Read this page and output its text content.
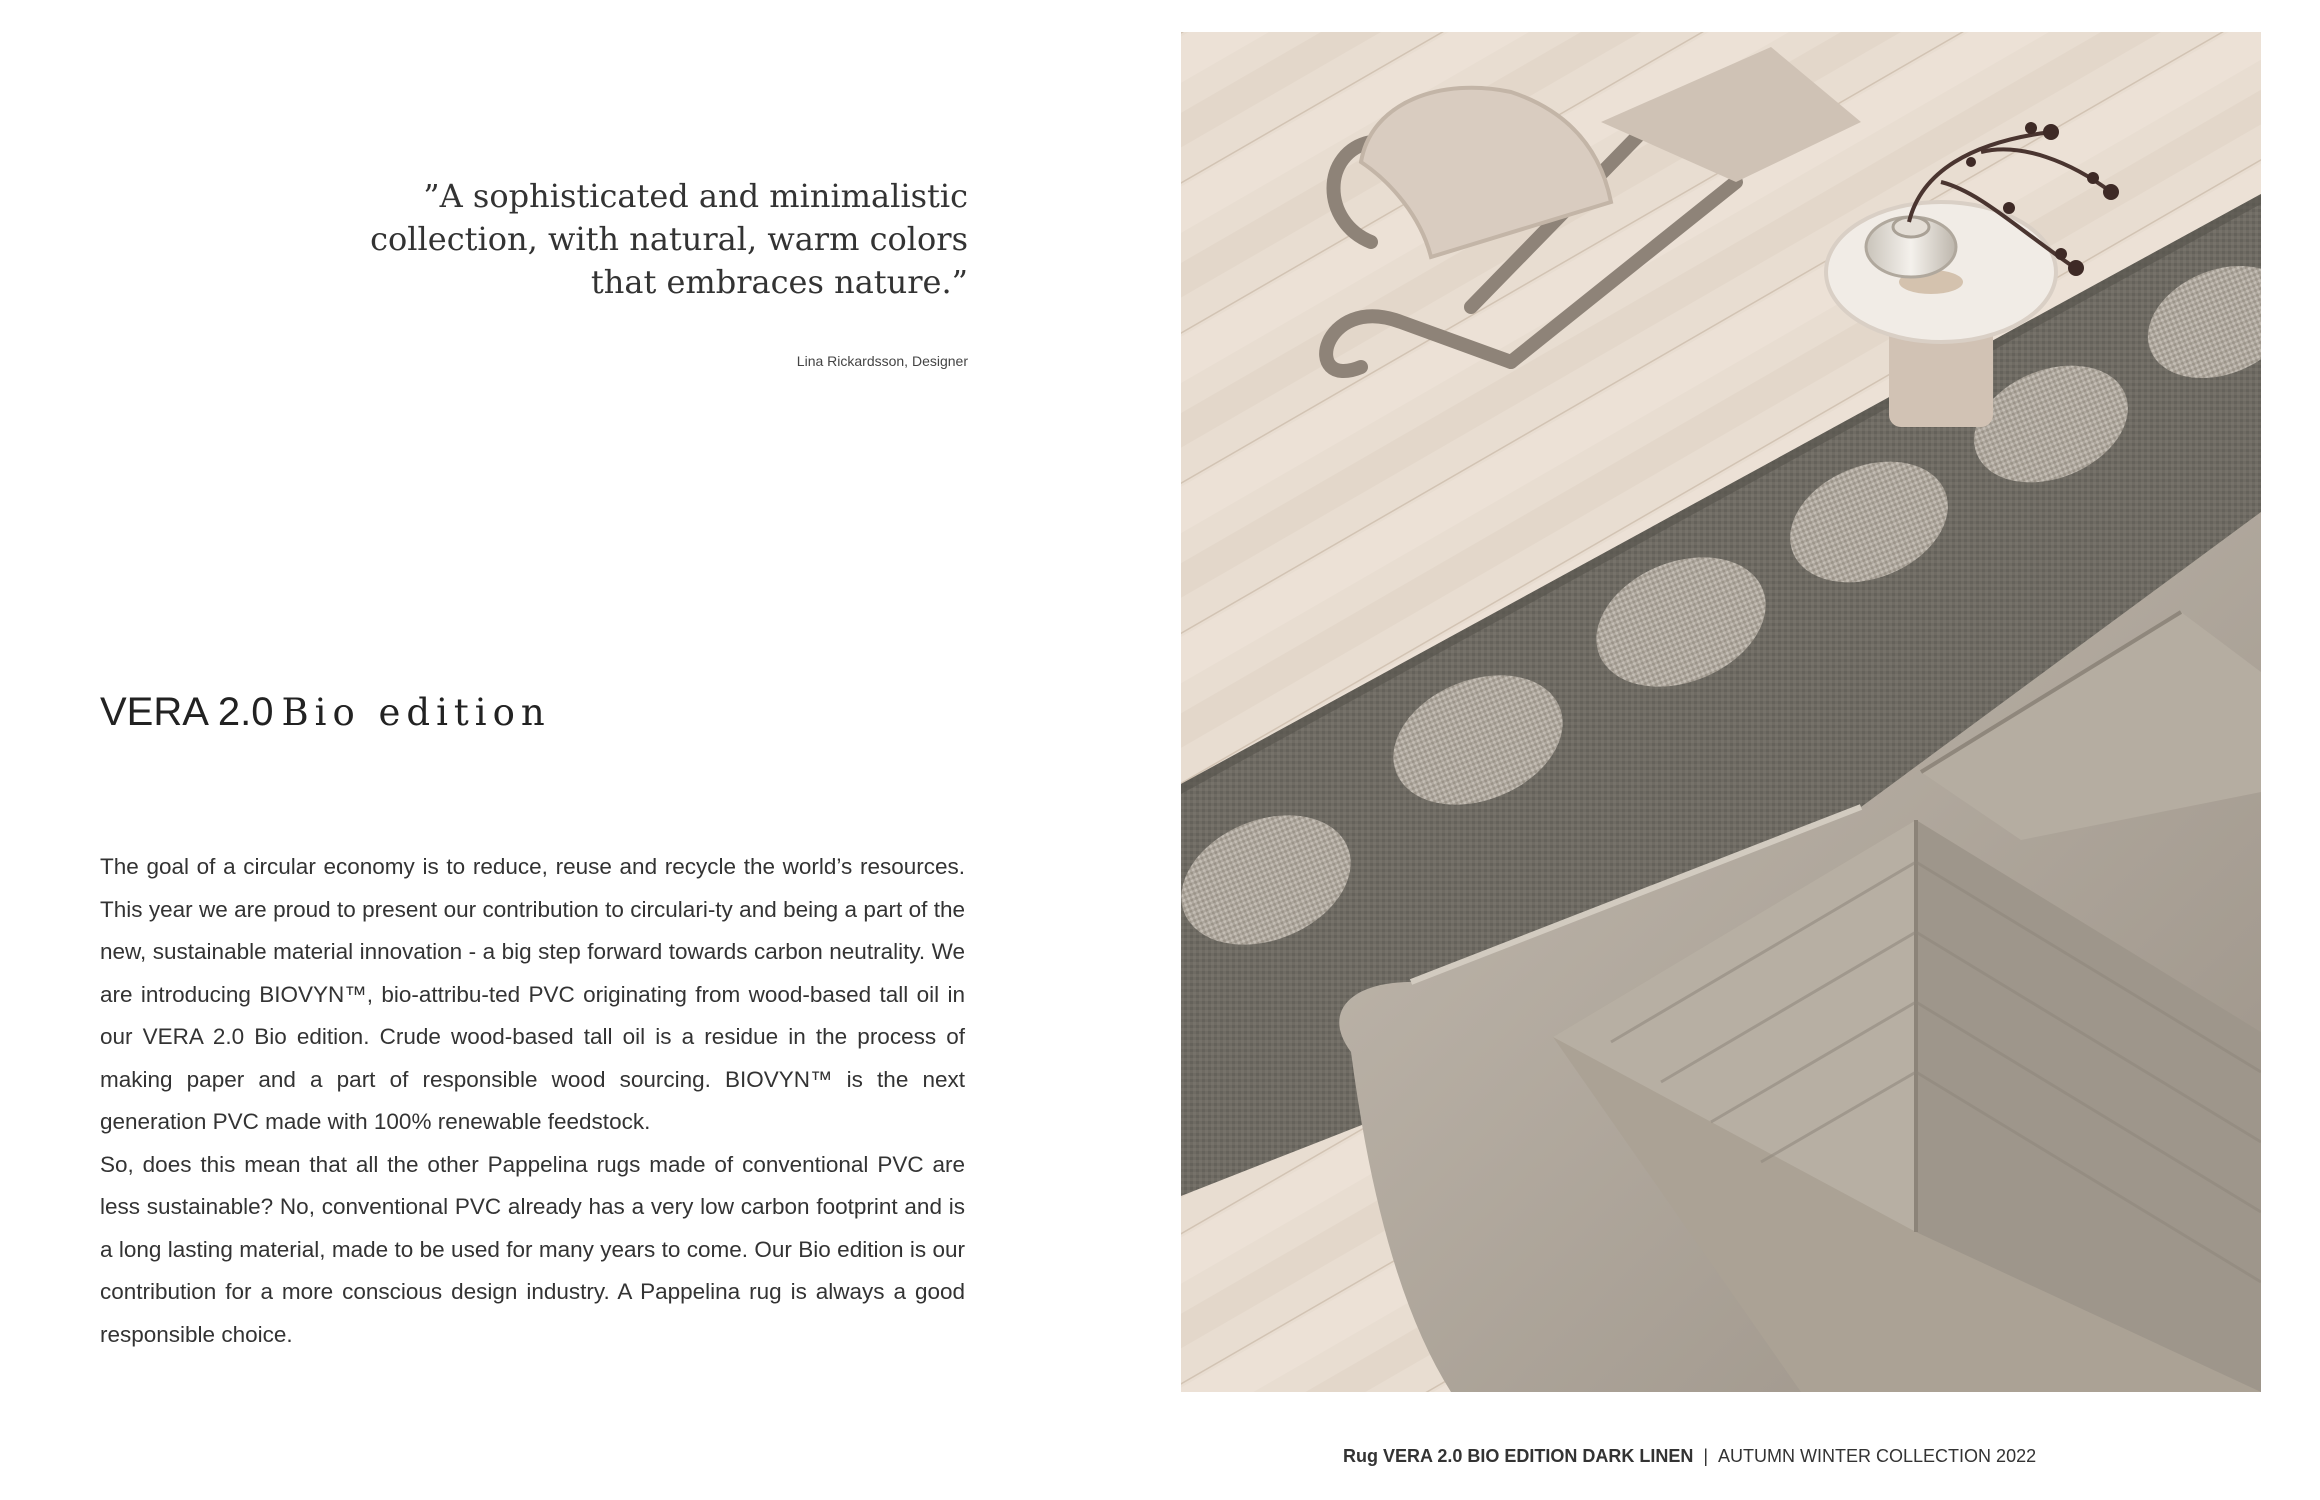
”A sophisticated and minimalistic

collection, with natural, warm colors

that embraces nature.”

Lina Rickardsson, Designer
VERA 2.0 Bio edition

The goal of a circular economy is to reduce, reuse and recycle the world’s resources. This year we are proud to present our contribution to circulari-ty and being a part of the new, sustainable material innovation - a big step forward towards carbon neutrality. We are introducing BIOVYN™, bio-attribu-ted PVC originating from wood-based tall oil in our VERA 2.0 Bio edition. Crude wood-based tall oil is a residue in the process of making paper and a part of responsible wood sourcing. BIOVYN™ is the next generation PVC made with 100% renewable feedstock.

So, does this mean that all the other Pappelina rugs made of conventional PVC are less sustainable? No, conventional PVC already has a very low carbon footprint and is a long lasting material, made to be used for many years to come. Our Bio edition is our contribution for a more conscious design industry. A Pappelina rug is always a good responsible choice.

Rug VERA 2.0 BIO EDITION DARK LINEN | AUTUMN WINTER COLLECTION 2022
